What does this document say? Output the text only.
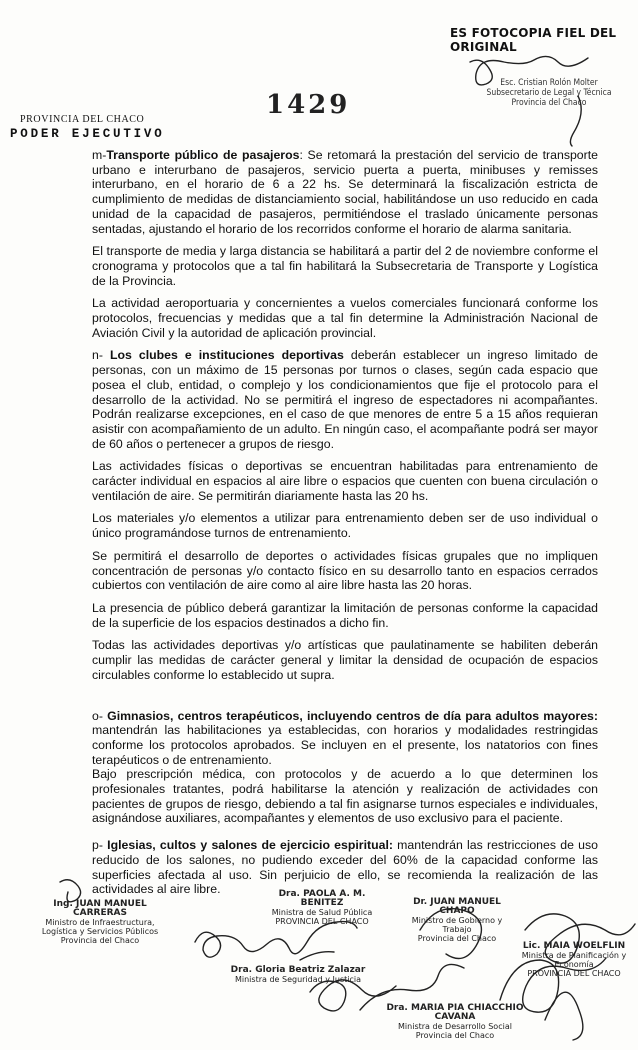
ES FOTOCOPIA FIEL DEL ORIGINAL
Esc. Cristian Rolón Molter
Subsecretario de Legal y Técnica
Provincia del Chaco
PROVINCIA DEL CHACO
PODER EJECUTIVO
1429

m-Transporte público de pasajeros: Se retomará la prestación del servicio de transporte urbano e interurbano de pasajeros, servicio puerta a puerta, minibuses y remisses interurbano, en el horario de 6 a 22 hs. Se determinará la fiscalización estricta de cumplimiento de medidas de distanciamiento social, habilitándose un uso reducido en cada unidad de la capacidad de pasajeros, permitiéndose el traslado únicamente personas sentadas, ajustando el horario de los recorridos conforme el horario de alarma sanitaria.

El transporte de media y larga distancia se habilitará a partir del 2 de noviembre conforme el cronograma y protocolos que a tal fin habilitará la Subsecretaria de Transporte y Logística de la Provincia.

La actividad aeroportuaria y concernientes a vuelos comerciales funcionará conforme los protocolos, frecuencias y medidas que a tal fin determine la Administración Nacional de Aviación Civil y la autoridad de aplicación provincial.

n- Los clubes e instituciones deportivas deberán establecer un ingreso limitado de personas, con un máximo de 15 personas por turnos o clases, según cada espacio que posea el club, entidad, o complejo y los condicionamientos que fije el protocolo para el desarrollo de la actividad. No se permitirá el ingreso de espectadores ni acompañantes. Podrán realizarse excepciones, en el caso de que menores de entre 5 a 15 años requieran asistir con acompañamiento de un adulto. En ningún caso, el acompañante podrá ser mayor de 60 años o pertenecer a grupos de riesgo.

Las actividades físicas o deportivas se encuentran habilitadas para entrenamiento de carácter individual en espacios al aire libre o espacios que cuenten con buena circulación o ventilación de aire. Se permitirán diariamente hasta las 20 hs.

Los materiales y/o elementos a utilizar para entrenamiento deben ser de uso individual o único programándose turnos de entrenamiento.

Se permitirá el desarrollo de deportes o actividades físicas grupales que no impliquen concentración de personas y/o contacto físico en su desarrollo tanto en espacios cerrados cubiertos con ventilación de aire como al aire libre hasta las 20 horas.

La presencia de público deberá garantizar la limitación de personas conforme la capacidad de la superficie de los espacios destinados a dicho fin.

Todas las actividades deportivas y/o artísticas que paulatinamente se habiliten deberán cumplir las medidas de carácter general y limitar la densidad de ocupación de espacios circulables conforme lo establecido ut supra.

o- Gimnasios, centros terapéuticos, incluyendo centros de día para adultos mayores: mantendrán las habilitaciones ya establecidas, con horarios y modalidades restringidas conforme los protocolos aprobados. Se incluyen en el presente, los natatorios con fines terapéuticos o de entrenamiento.

Bajo prescripción médica, con protocolos y de acuerdo a lo que determinen los profesionales tratantes, podrá habilitarse la atención y realización de actividades con pacientes de grupos de riesgo, debiendo a tal fin asignarse turnos especiales e individuales, asignándose auxiliares, acompañantes y elementos de uso exclusivo para el paciente.

p- Iglesias, cultos y salones de ejercicio espiritual: mantendrán las restricciones de uso reducido de los salones, no pudiendo exceder del 60% de la capacidad conforme las superficies afectada al uso. Sin perjuicio de ello, se recomienda la realización de las actividades al aire libre.

Ing. JUAN MANUEL CARRERAS
Ministro de Infraestructura, Logística y Servicios Públicos
Provincia del Chaco
Dra. PAOLA A. M. BENITEZ
Ministra de Salud Pública
PROVINCIA DEL CHACO
Dr. JUAN MANUEL CHAPO
Ministro de Gobierno y Trabajo
Provincia del Chaco
Lic. MAIA WOELFLIN
Ministra de Planificación y Economía
PROVINCIA DEL CHACO
Dra. Gloria Beatriz Zalazar
Ministra de Seguridad y Justicia
Dra. MARIA PIA CHIACCHIO CAVANA
Ministra de Desarrollo Social
Provincia del Chaco
